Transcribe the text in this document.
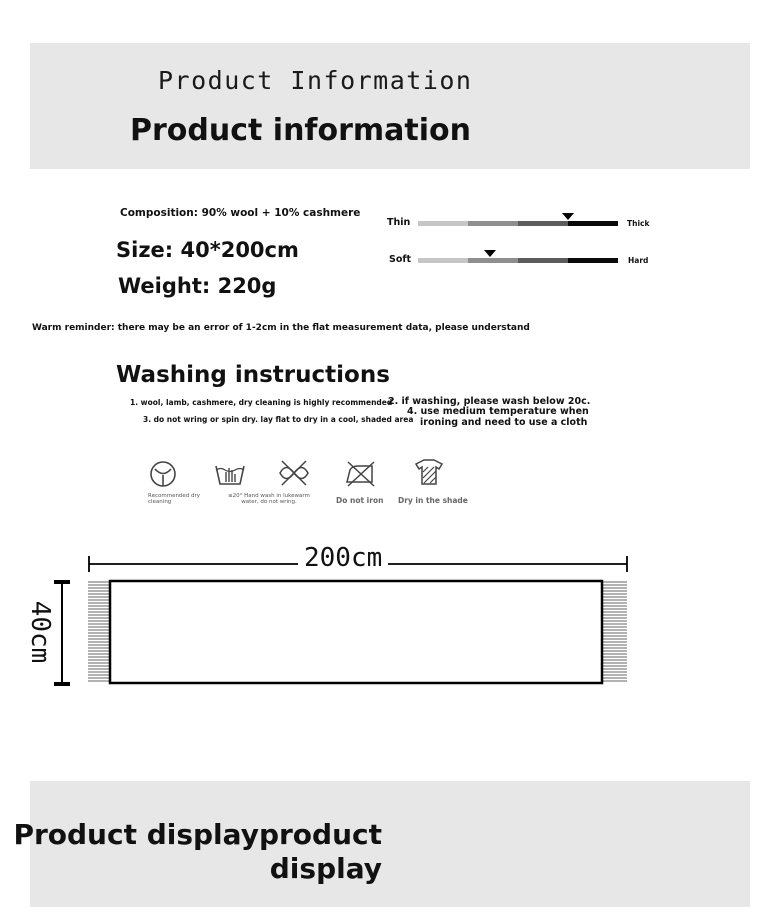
Product Information
Product information
Composition: 90% wool + 10% cashmere
Size: 40*200cm
Weight: 220g
Thin	Thick
Soft	Hard
Warm reminder: there may be an error of 1-2cm in the flat measurement data, please understand
Washing instructions
1. wool, lamb, cashmere, dry cleaning is highly recommended
3. do not wring or spin dry. lay flat to dry in a cool, shaded area
2. if washing, please wash below 20c.
4. use medium temperature when
ironing and need to use a cloth
Recommended dry cleaning
≤20° Hand wash in lukewarm water, do not wring.	Do not iron Dry in the shade
200cm
40cm
Product displayproduct
display
